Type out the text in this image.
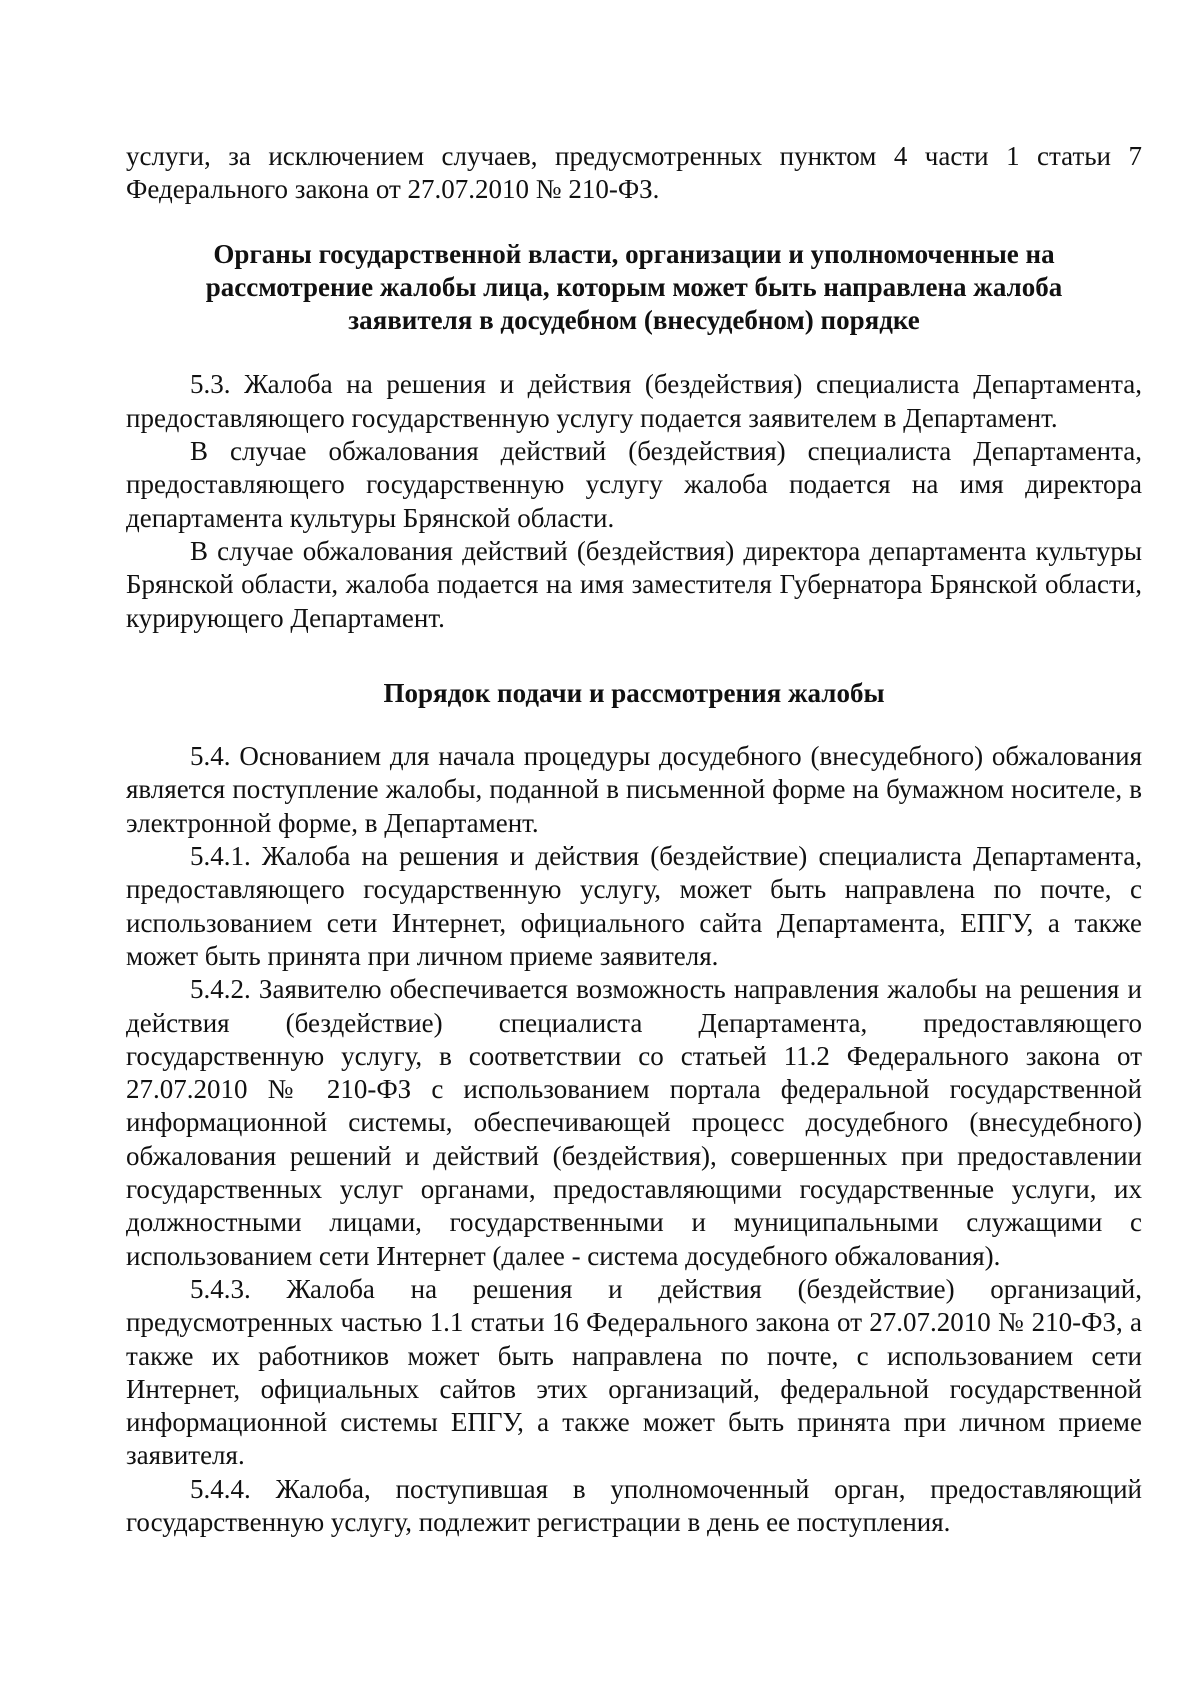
услуги, за исключением случаев, предусмотренных пунктом 4 части 1 статьи 7 Федерального закона от 27.07.2010 № 210-ФЗ.

Органы государственной власти, организации и уполномоченные на

рассмотрение жалобы лица, которым может быть направлена жалоба

заявителя в досудебном (внесудебном) порядке

5.3. Жалоба на решения и действия (бездействия) специалиста Департамента, предоставляющего государственную услугу подается заявителем в Департамент.

В случае обжалования действий (бездействия) специалиста Департамента, предоставляющего государственную услугу жалоба подается на имя директора департамента культуры Брянской области.

В случае обжалования действий (бездействия) директора департамента культуры Брянской области, жалоба подается на имя заместителя Губернатора Брянской области, курирующего Департамент.

Порядок подачи и рассмотрения жалобы

5.4. Основанием для начала процедуры досудебного (внесудебного) обжалования является поступление жалобы, поданной в письменной форме на бумажном носителе, в электронной форме, в Департамент.

5.4.1. Жалоба на решения и действия (бездействие) специалиста Департамента, предоставляющего государственную услугу, может быть направлена по почте, с использованием сети Интернет, официального сайта Департамента, ЕПГУ, а также может быть принята при личном приеме заявителя.

5.4.2. Заявителю обеспечивается возможность направления жалобы на решения и действия (бездействие) специалиста Департамента, предоставляющего государственную услугу, в соответствии со статьей 11.2 Федерального закона от 27.07.2010 № 210-ФЗ с использованием портала федеральной государственной информационной системы, обеспечивающей процесс досудебного (внесудебного) обжалования решений и действий (бездействия), совершенных при предоставлении государственных услуг органами, предоставляющими государственные услуги, их должностными лицами, государственными и муниципальными служащими с использованием сети Интернет (далее - система досудебного обжалования).

5.4.3. Жалоба на решения и действия (бездействие) организаций, предусмотренных частью 1.1 статьи 16 Федерального закона от 27.07.2010 № 210-ФЗ, а также их работников может быть направлена по почте, с использованием сети Интернет, официальных сайтов этих организаций, федеральной государственной информационной системы ЕПГУ, а также может быть принята при личном приеме заявителя.

5.4.4. Жалоба, поступившая в уполномоченный орган, предоставляющий государственную услугу, подлежит регистрации в день ее поступления.
